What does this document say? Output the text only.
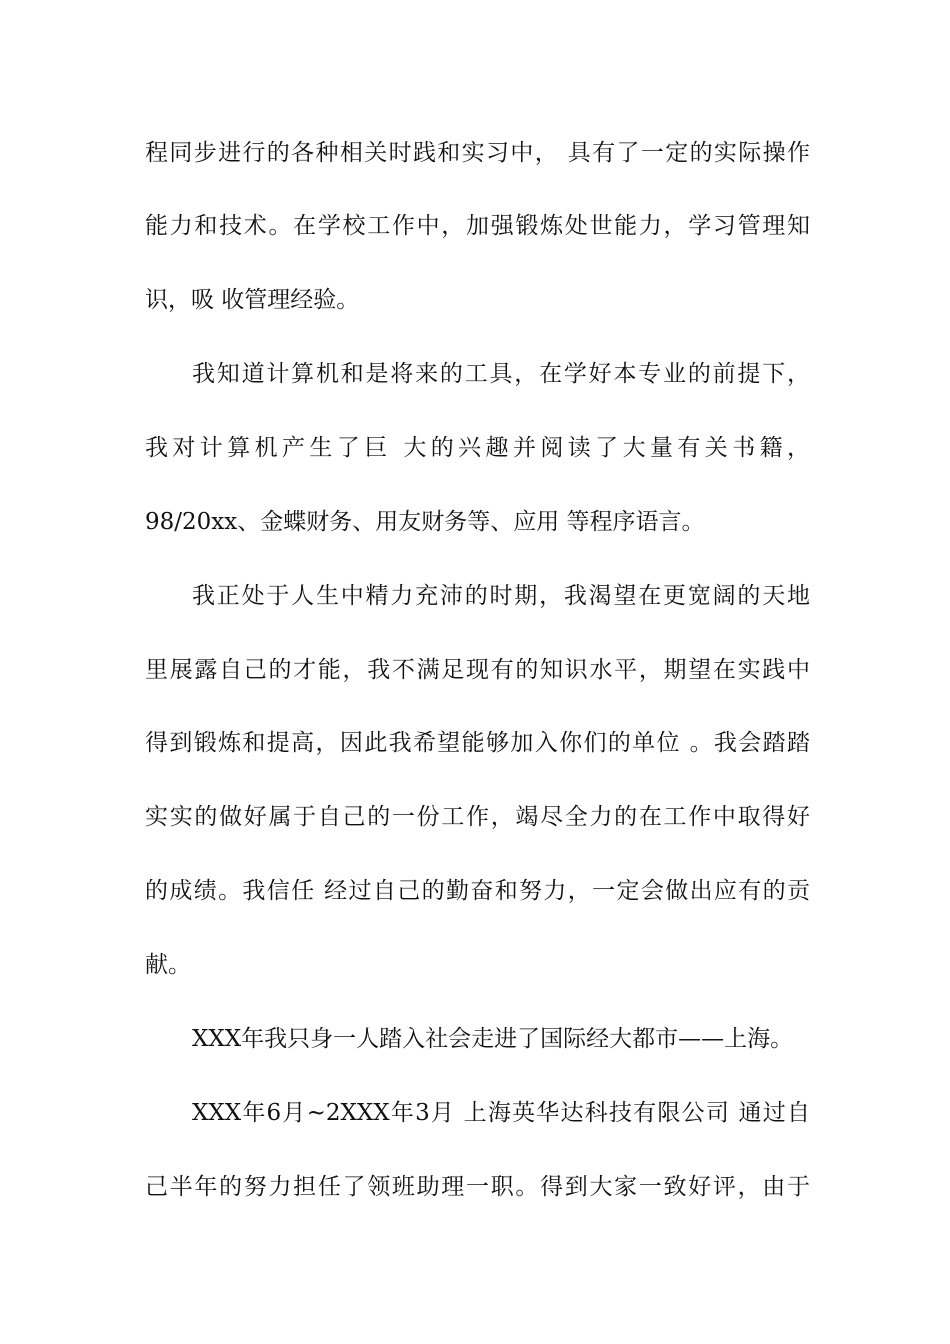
程同步进行的各种相关时践和实习中， 具有了一定的实际操作
能力和技术。在学校工作中，加强锻炼处世能力，学习管理知
识，吸 收管理经验。
我知道计算机和是将来的工具，在学好本专业的前提下，
我对计算机产生了巨 大的兴趣并阅读了大量有关书籍，
98/20xx、金蝶财务、用友财务等、应用 等程序语言。
我正处于人生中精力充沛的时期，我渴望在更宽阔的天地
里展露自己的才能，我不满足现有的知识水平，期望在实践中
得到锻炼和提高，因此我希望能够加入你们的单位 。我会踏踏
实实的做好属于自己的一份工作，竭尽全力的在工作中取得好
的成绩。我信任 经过自己的勤奋和努力，一定会做出应有的贡
献。
XXX年我只身一人踏入社会走进了国际经大都市——上海。
XXX年6月~2XXX年3月 上海英华达科技有限公司 通过自
己半年的努力担任了领班助理一职。得到大家一致好评，由于
